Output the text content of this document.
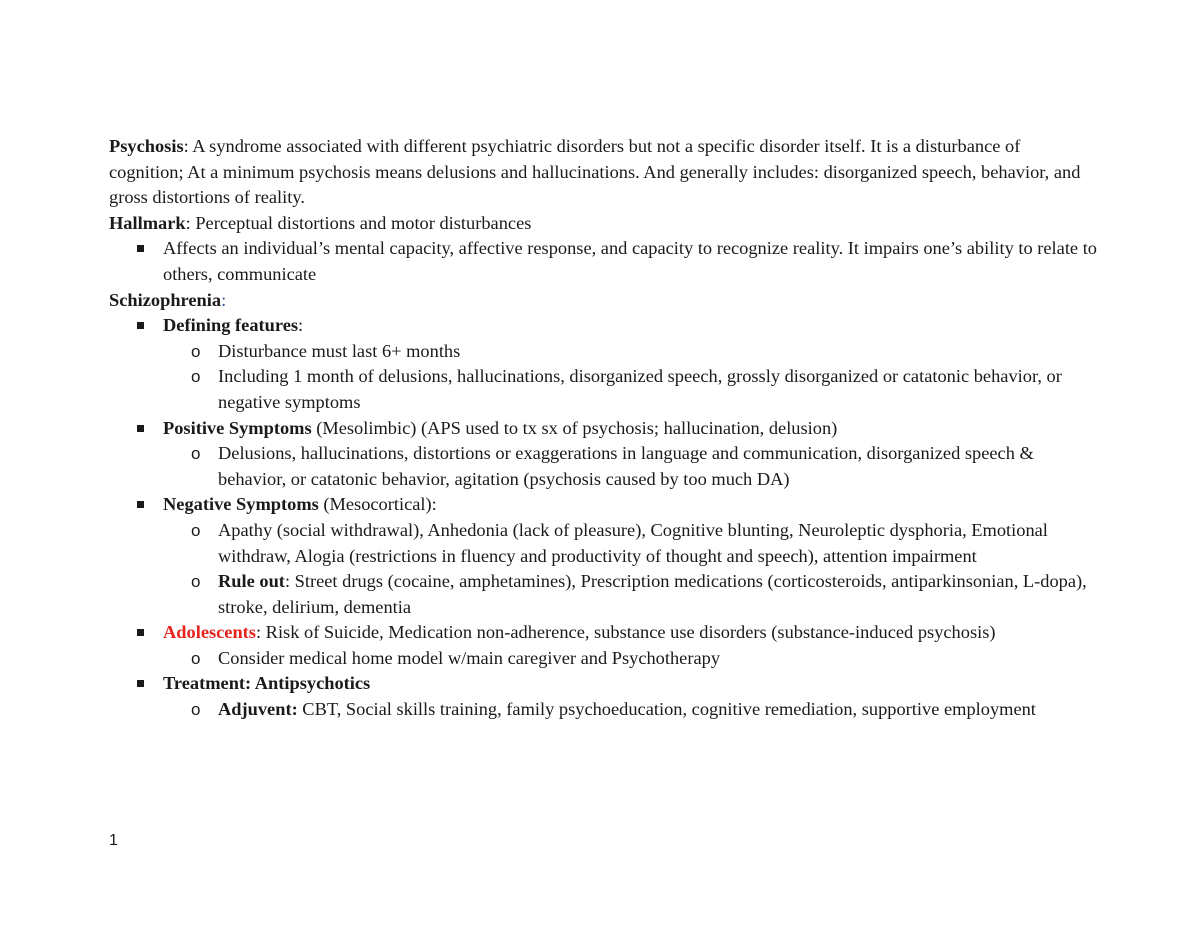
Psychosis: A syndrome associated with different psychiatric disorders but not a specific disorder itself. It is a disturbance of cognition; At a minimum psychosis means delusions and hallucinations. And generally includes: disorganized speech, behavior, and gross distortions of reality.

Hallmark: Perceptual distortions and motor disturbances

Affects an individual’s mental capacity, affective response, and capacity to recognize reality. It impairs one’s ability to relate to others, communicate

Schizophrenia:

Defining features:
o Disturbance must last 6+ months
o Including 1 month of delusions, hallucinations, disorganized speech, grossly disorganized or catatonic behavior, or negative symptoms
Positive Symptoms (Mesolimbic) (APS used to tx sx of psychosis; hallucination, delusion)
o Delusions, hallucinations, distortions or exaggerations in language and communication, disorganized speech & behavior, or catatonic behavior, agitation (psychosis caused by too much DA)
Negative Symptoms (Mesocortical):
o Apathy (social withdrawal), Anhedonia (lack of pleasure), Cognitive blunting, Neuroleptic dysphoria, Emotional withdraw, Alogia (restrictions in fluency and productivity of thought and speech), attention impairment
o Rule out: Street drugs (cocaine, amphetamines), Prescription medications (corticosteroids, antiparkinsonian, L-dopa), stroke, delirium, dementia
Adolescents: Risk of Suicide, Medication non-adherence, substance use disorders (substance-induced psychosis)
o Consider medical home model w/main caregiver and Psychotherapy
Treatment: Antipsychotics
o Adjuvent: CBT, Social skills training, family psychoeducation, cognitive remediation, supportive employment
1
